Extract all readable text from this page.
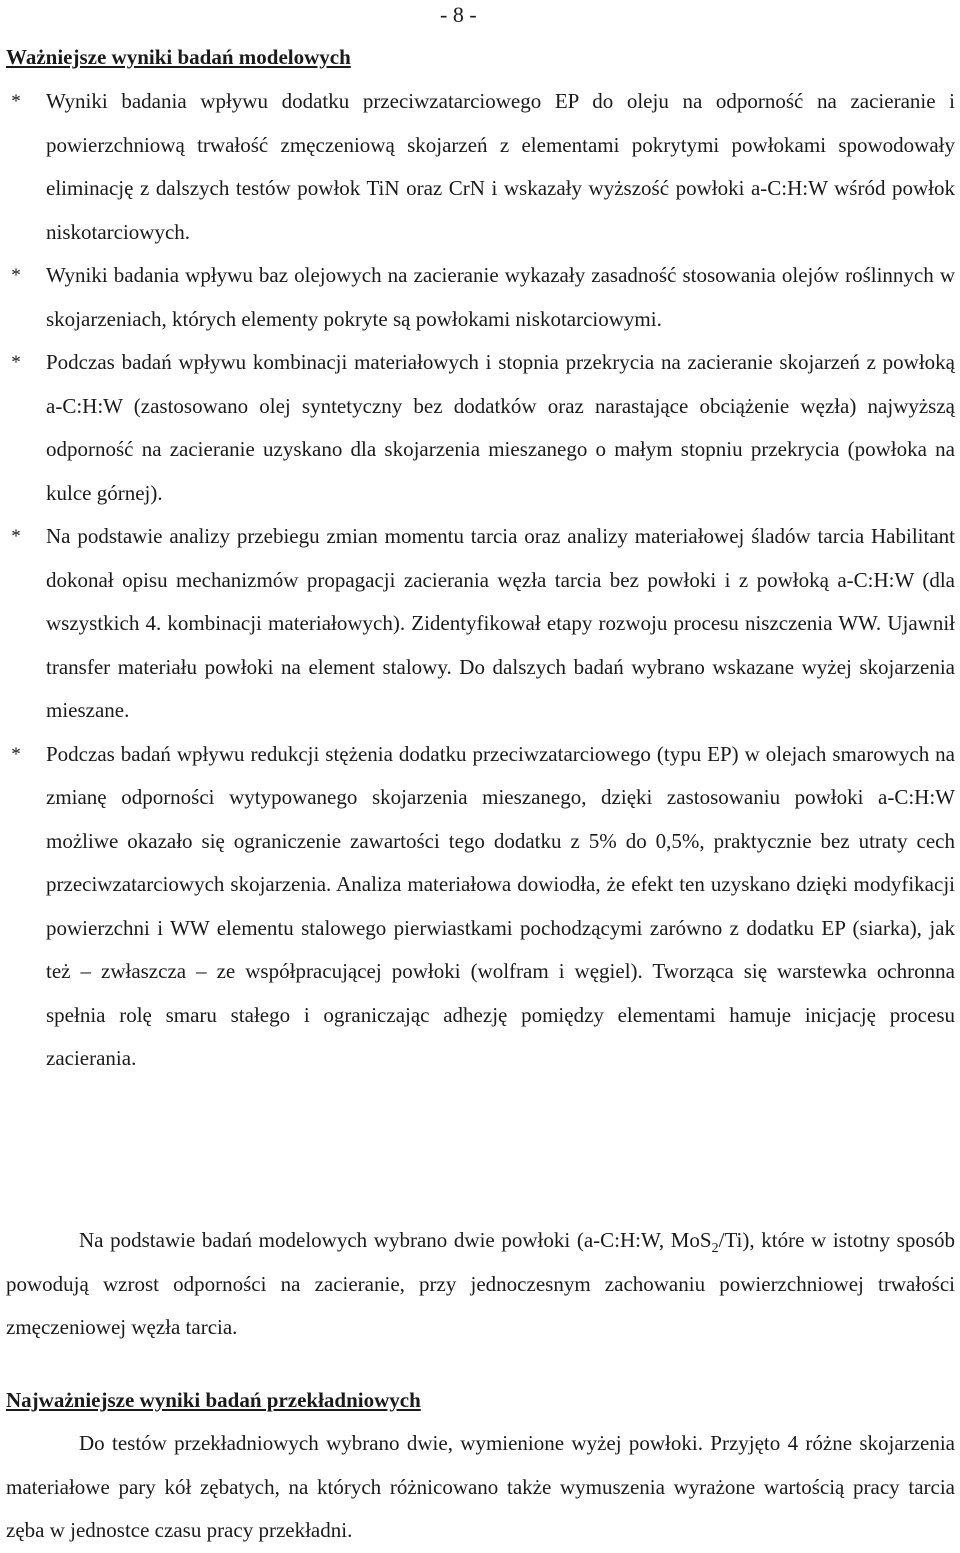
- 8 -
Ważniejsze wyniki badań modelowych
* Wyniki badania wpływu dodatku przeciwzatarciowego EP do oleju na odporność na zacieranie i powierzchniową trwałość zmęczeniową skojarzeń z elementami pokrytymi powłokami spowodowały eliminację z dalszych testów powłok TiN oraz CrN i wskazały wyższość powłoki a-C:H:W wśród powłok niskotarciowych.
* Wyniki badania wpływu baz olejowych na zacieranie wykazały zasadność stosowania olejów roślinnych w skojarzeniach, których elementy pokryte są powłokami niskotarciowymi.
* Podczas badań wpływu kombinacji materiałowych i stopnia przekrycia na zacieranie skojarzeń z powłoką a-C:H:W (zastosowano olej syntetyczny bez dodatków oraz narastające obciążenie węzła) najwyższą odporność na zacieranie uzyskano dla skojarzenia mieszanego o małym stopniu przekrycia (powłoka na kulce górnej).
* Na podstawie analizy przebiegu zmian momentu tarcia oraz analizy materiałowej śladów tarcia Habilitant dokonał opisu mechanizmów propagacji zacierania węzła tarcia bez powłoki i z powłoką a-C:H:W (dla wszystkich 4. kombinacji materiałowych). Zidentyfikował etapy rozwoju procesu niszczenia WW. Ujawnił transfer materiału powłoki na element stalowy. Do dalszych badań wybrano wskazane wyżej skojarzenia mieszane.
* Podczas badań wpływu redukcji stężenia dodatku przeciwzatarciowego (typu EP) w olejach smarowych na zmianę odporności wytypowanego skojarzenia mieszanego, dzięki zastosowaniu powłoki a-C:H:W możliwe okazało się ograniczenie zawartości tego dodatku z 5% do 0,5%, praktycznie bez utraty cech przeciwzatarciowych skojarzenia. Analiza materiałowa dowiodła, że efekt ten uzyskano dzięki modyfikacji powierzchni i WW elementu stalowego pierwiastkami pochodzącymi zarówno z dodatku EP (siarka), jak też – zwłaszcza – ze współpracującej powłoki (wolfram i węgiel). Tworząca się warstewka ochronna spełnia rolę smaru stałego i ograniczając adhezję pomiędzy elementami hamuje inicjację procesu zacierania.

Na podstawie badań modelowych wybrano dwie powłoki (a-C:H:W, MoS$_2$/Ti), które w istotny sposób powodują wzrost odporności na zacieranie, przy jednoczesnym zachowaniu powierzchniowej trwałości zmęczeniowej węzła tarcia.

Najważniejsze wyniki badań przekładniowych

Do testów przekładniowych wybrano dwie, wymienione wyżej powłoki. Przyjęto 4 różne skojarzenia materiałowe pary kół zębatych, na których różnicowano także wymuszenia wyrażone wartością pracy tarcia zęba w jednostce czasu pracy przekładni.
